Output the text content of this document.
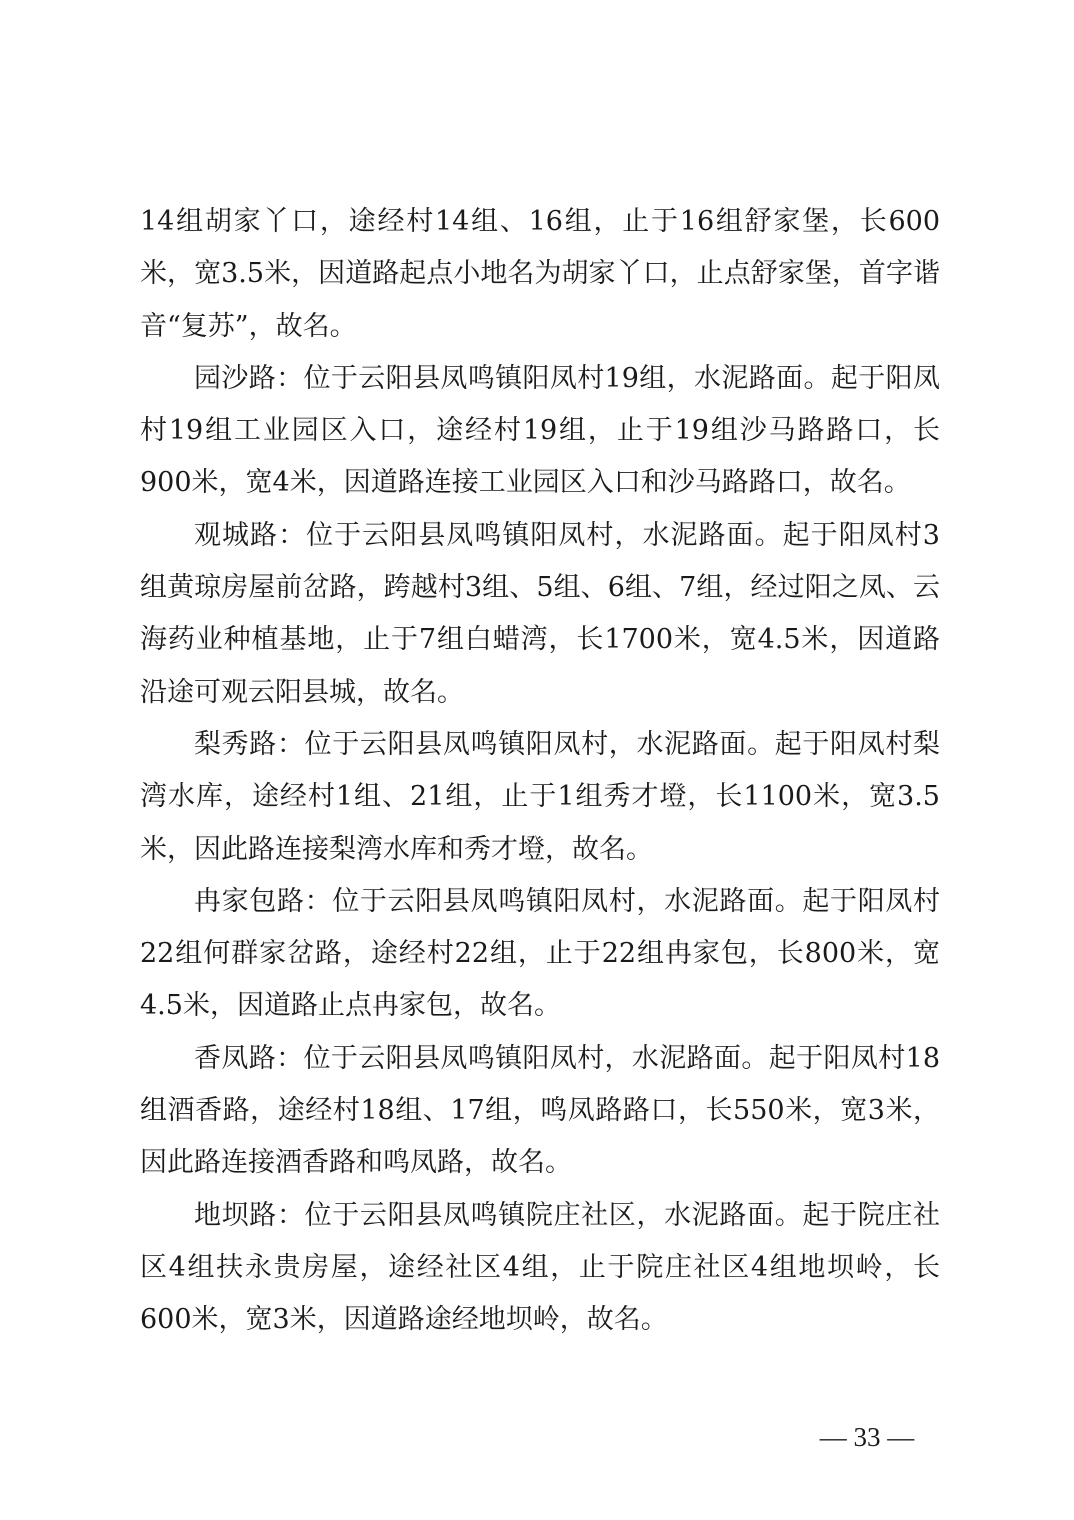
14组胡家丫口，途经村14组、16组，止于16组舒家堡，长600米，宽3.5米，因道路起点小地名为胡家丫口，止点舒家堡，首字谐音“复苏”，故名。

园沙路：位于云阳县凤鸣镇阳凤村19组，水泥路面。起于阳凤村19组工业园区入口，途经村19组，止于19组沙马路路口，长900米，宽4米，因道路连接工业园区入口和沙马路路口，故名。

观城路：位于云阳县凤鸣镇阳凤村，水泥路面。起于阳凤村3组黄琼房屋前岔路，跨越村3组、5组、6组、7组，经过阳之凤、云海药业种植基地，止于7组白蜡湾，长1700米，宽4.5米，因道路沿途可观云阳县城，故名。

梨秀路：位于云阳县凤鸣镇阳凤村，水泥路面。起于阳凤村梨湾水库，途经村1组、21组，止于1组秀才墱，长1100米，宽3.5米，因此路连接梨湾水库和秀才墱，故名。

冉家包路：位于云阳县凤鸣镇阳凤村，水泥路面。起于阳凤村22组何群家岔路，途经村22组，止于22组冉家包，长800米，宽4.5米，因道路止点冉家包，故名。

香凤路：位于云阳县凤鸣镇阳凤村，水泥路面。起于阳凤村18组酒香路，途经村18组、17组，鸣凤路路口，长550米，宽3米，因此路连接酒香路和鸣凤路，故名。

地坝路：位于云阳县凤鸣镇院庄社区，水泥路面。起于院庄社区4组扶永贵房屋，途经社区4组，止于院庄社区4组地坝岭，长600米，宽3米，因道路途经地坝岭，故名。

— 33 —
